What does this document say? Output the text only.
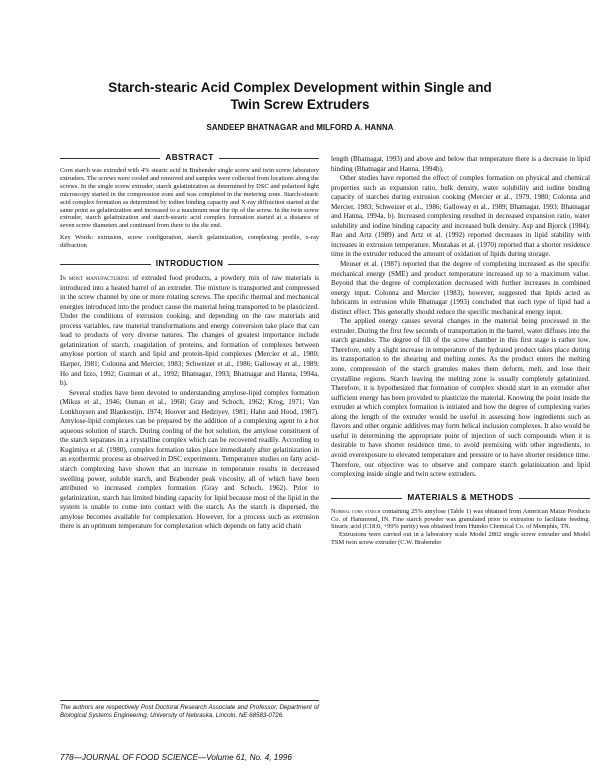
Starch-stearic Acid Complex Development within Single and
Twin Screw Extruders
SANDEEP BHATNAGAR and MILFORD A. HANNA
ABSTRACT

Corn starch was extruded with 4% stearic acid in Brabender single screw and twin screw laboratory extruders. The screws were cooled and removed and samples were collected from locations along the screws. In the single screw extruder, starch gelatinization as determined by DSC and polarized light microscopy started in the compression zone and was completed in the metering zone. Starch-stearic acid complex formation as determined by iodine binding capacity and X-ray diffraction started at the same point as gelatinization and increased to a maximum near the tip of the screw. In the twin screw extruder, starch gelatinization and starch-stearic acid complex formation started at a distance of seven screw diameters and continued from there to the die end.

Key Words: extrusion, screw configuration, starch gelatinization, complexing profile, x-ray diffraction

INTRODUCTION

In most manufacturing of extruded food products, a powdery mix of raw materials is introduced into a heated barrel of an extruder. The mixture is transported and compressed in the screw channel by one or more rotating screws. The specific thermal and mechanical energies introduced into the product cause the material being transported to be plasticized. Under the conditions of extrusion cooking, and depending on the raw materials and process variables, raw material transformations and energy conversion take place that can lead to products of very diverse natures. The changes of greatest importance include gelatinization of starch, coagulation of proteins, and formation of complexes between amylose portion of starch and lipid and protein-lipid complexes (Mercier et al., 1980; Harper, 1981; Colonna and Mercier, 1983; Schweizer et al., 1986; Galloway et al., 1989; Ho and Izzo, 1992; Guzman et al., 1992; Bhatnagar, 1993; Bhatnagar and Hanna, 1994a, b).

Several studies have been devoted to understanding amylose-lipid complex formation (Mikus et al., 1946; Osman et al., 1960; Gray and Schoch, 1962; Krog, 1971; Van Lonkhuysen and Blankestijn, 1974; Hoover and Hedziyev, 1981; Hahn and Hood, 1987). Amylose-lipid complexes can be prepared by the addition of a complexing agent to a hot aqueous solution of starch. During cooling of the hot solution, the amylose constituent of the starch separates in a crystalline complex which can be recovered readily. According to Kugimiya et al. (1980), complex formation takes place immediately after gelatinization in an exothermic process as observed in DSC experiments. Temperature studies on fatty acid-starch complexing have shown that an increase in temperature results in decreased swelling power, soluble starch, and Brabender peak viscosity, all of which have been attributed to increased complex formation (Gray and Schoch, 1962). Prior to gelatinization, starch has limited binding capacity for lipid because most of the lipid in the system is unable to come into contact with the starch. As the starch is dispersed, the amylose becomes available for complexation. However, for a process such as extrusion there is an optimum temperature for complexation which depends on fatty acid chain

The authors are respectively Post Doctoral Research Associate and Professor, Department of Biological Systems Engineering, University of Nebraska, Lincoln, NE 68583-0726.

length (Bhatnagar, 1993) and above and below that temperature there is a decrease in lipid binding (Bhatnagar and Hanna, 1994b).

Other studies have reported the effect of complex formation on physical and chemical properties such as expansion ratio, bulk density, water solubility and iodine binding capacity of starches during extrusion cooking (Mercier et al., 1979, 1980; Colonna and Mercier, 1983; Schweizer et al., 1986; Galloway et al., 1989; Bhatnagar, 1993; Bhatnagar and Hanna, 1994a, b). Increased complexing resulted in decreased expansion ratio, water solubility and iodine binding capacity and increased bulk density. Asp and Bjorck (1984); Rao and Artz (1989) and Artz et al. (1992) reported decreases in lipid stability with increases in extrusion temperature. Mustakas et al. (1970) reported that a shorter residence time in the extruder reduced the amount of oxidation of lipids during storage.

Meuser et al. (1987) reported that the degree of complexing increased as the specific mechanical energy (SME) and product temperature increased up to a maximum value. Beyond that the degree of complexation decreased with further increases in combined energy input. Colonna and Mercier (1983), however, suggested that lipids acted as lubricants in extrusion while Bhatnagar (1993) concluded that each type of lipid had a distinct effect. This generally should reduce the specific mechanical energy input.

The applied energy causes several changes in the material being processed in the extruder. During the first few seconds of transportation in the barrel, water diffuses into the starch granules. The degree of fill of the screw chamber in this first stage is rather low. Therefore, only a slight increase in temperature of the hydrated product takes place during its transportation to the shearing and melting zones. As the product enters the melting zone, compression of the starch granules makes them deform, melt, and lose their crystalline regions. Starch leaving the melting zone is usually completely gelatinized. Therefore, it is hypothesized that formation of complex should start in an extruder after sufficient energy has been provided to plasticize the material. Knowing the point inside the extruder at which complex formation is initiated and how the degree of complexing varies along the length of the extruder would be useful in assessing how ingredients such as flavors and other organic additives may form helical inclusion complexes. It also would be useful in determining the appropriate point of injection of such compounds when it is desirable to have shorter residence time, to avoid premixing with other ingredients, to avoid overexposure to elevated temperature and pressure or to have shorter residence time. Therefore, our objective was to observe and compare starch gelatinization and lipid complexing inside single and twin screw extruders.

MATERIALS & METHODS

Normal corn starch containing 25% amylose (Table 1) was obtained from American Maize Products Co. of Hammond, IN. Fine starch powder was granulated prior to extrusion to facilitate feeding. Stearic acid (C18:0, +99% purity) was obtained from Humko Chemical Co. of Memphis, TN.

Extrusions were carried out in a laboratory scale Model 2802 single screw extruder and Model TSM twin screw extruder (C.W. Brabender

778—JOURNAL OF FOOD SCIENCE—Volume 61, No. 4, 1996
